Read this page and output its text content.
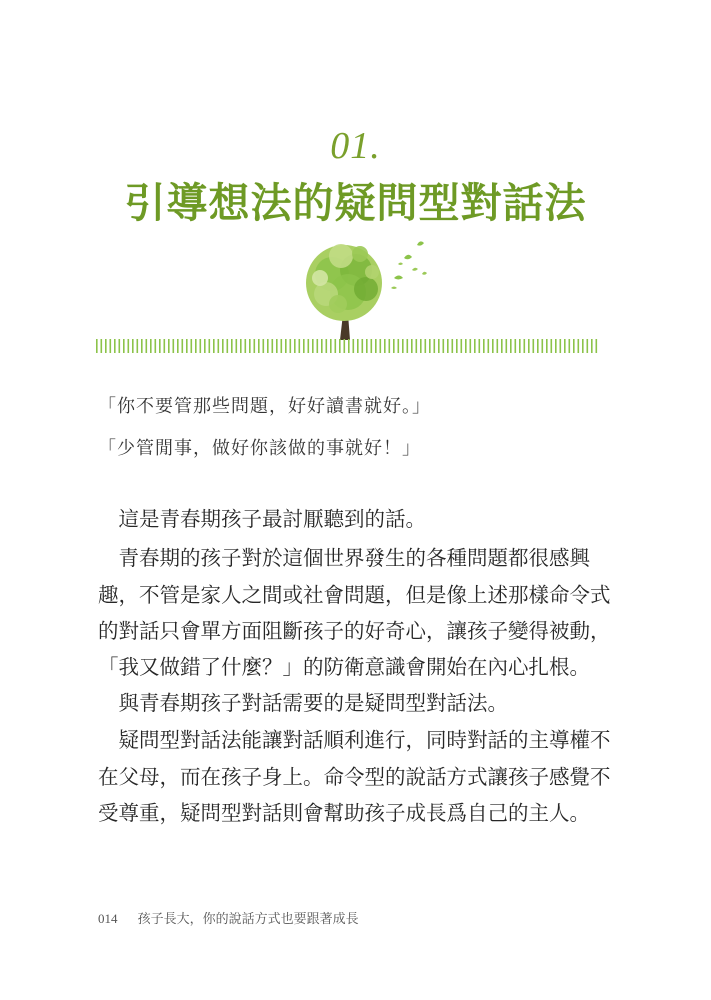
01.
引導想法的疑問型對話法
「你不要管那些問題，好好讀書就好。」
「少管閒事，做好你該做的事就好！」
　這是青春期孩子最討厭聽到的話。
　青春期的孩子對於這個世界發生的各種問題都很感興
趣，不管是家人之間或社會問題，但是像上述那樣命令式
的對話只會單方面阻斷孩子的好奇心，讓孩子變得被動，
「我又做錯了什麼？」的防衛意識會開始在內心扎根。
　與青春期孩子對話需要的是疑問型對話法。
　疑問型對話法能讓對話順利進行，同時對話的主導權不
在父母，而在孩子身上。命令型的說話方式讓孩子感覺不
受尊重，疑問型對話則會幫助孩子成長爲自己的主人。
014 孩子長大，你的說話方式也要跟著成長
